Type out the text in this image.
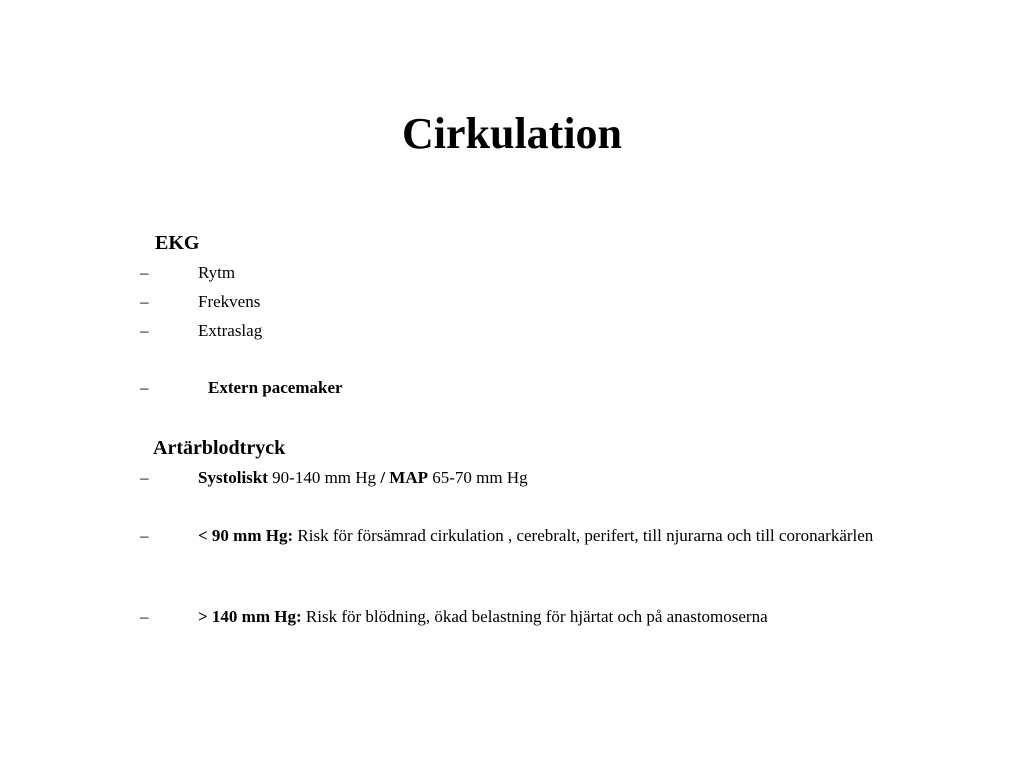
Cirkulation
EKG
–	Rytm
–	Frekvens
–	Extraslag
–	Extern pacemaker
Artärblodtryck
–	Systoliskt 90-140 mm Hg / MAP 65-70 mm Hg
–	< 90 mm Hg: Risk för försämrad cirkulation , cerebralt, perifert, till njurarna och till coronarkärlen
–	> 140 mm Hg: Risk för blödning, ökad belastning för hjärtat och på anastomoserna
